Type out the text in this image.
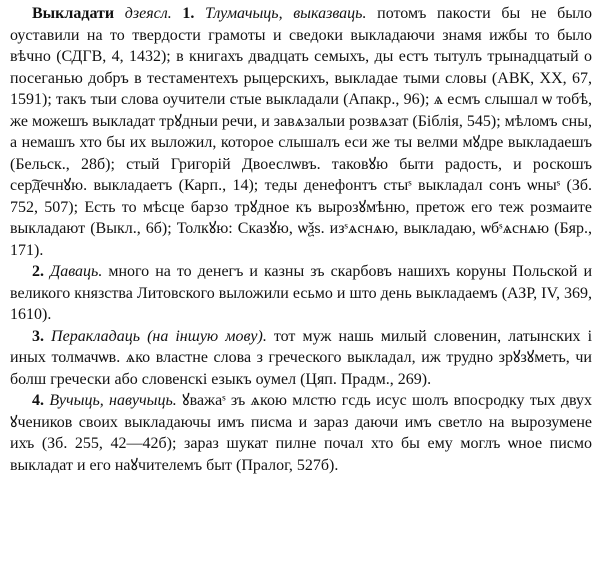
Выкладати дзеясл. 1. Тлумачыць, выказваць. потомъ пакости бы не было оуставили на то твердости грамоты и сведоки выкладаючи знамя ижбы то было вѣчно (СДГВ, 4, 1432); в книгахъ двадцать семыхъ, ды естъ тытулъ трынадцатый о посеганью добръ в тестаментехъ рыцерскихъ, выкладае тыми словы (АВК, XX, 67, 1591); такъ тыи слова оучители стые выкладали (Апакр., 96); ѧ есмъ слышал ѡ тобѣ, же можешъ выкладат трꙋдныи речи, и завѧзалыи розвѧзат (Біблія, 545); мѣломъ сны, а немашъ хто бы их выложил, которое слышалъ еси же ты велми мꙋдре выкладаешъ (Бельск., 28б); стый Григорій Двоеслѡвъ. таковꙋю быти радость, и роскошъ сер͠дечнꙋю. выкладаетъ (Карп., 14); теды денефонтъ стыˢ выкладал сонъ ѡныˢ (Зб. 752, 507); Есть то мѣсце барзо трꙋдное къ вырозꙋмѣню, претож его теж розмаите выкладают (Выкл., 6б); Толкꙋю: Сказꙋю, ѡѯs. изˢѧснѧю, выкладаю, ѡбˢѧснѧю (Бяр., 171).

2. Даваць. много на то денегъ и казны зъ скарбовъ нашихъ коруны Польской и великого князства Литовского выложили есьмо и што день выкладаемъ (АЗР, IV, 369, 1610).

3. Перакладаць (на іншую мову). тот муж нашь милый словенин, латынских і иных толмачѡв. ѧко властне слова з греческого выкладал, иж трудно зрꙋзꙋметь, чи болш гречески або словенскі езыкъ оумел (Цяп. Прадм., 269).

4. Вучыць, навучыць. ꙋважаˢ зъ ѧкою млстю гсдь исус шолъ впосродку тых двух ꙋчеников своих выкладаючы имъ писма и зараз даючи имъ светло на вырозумене ихъ (Зб. 255, 42—42б); зараз шукат пилне почал хто бы ему моглъ ѡное писмо выкладат и его наꙋчителемъ быт (Пралог, 527б).
